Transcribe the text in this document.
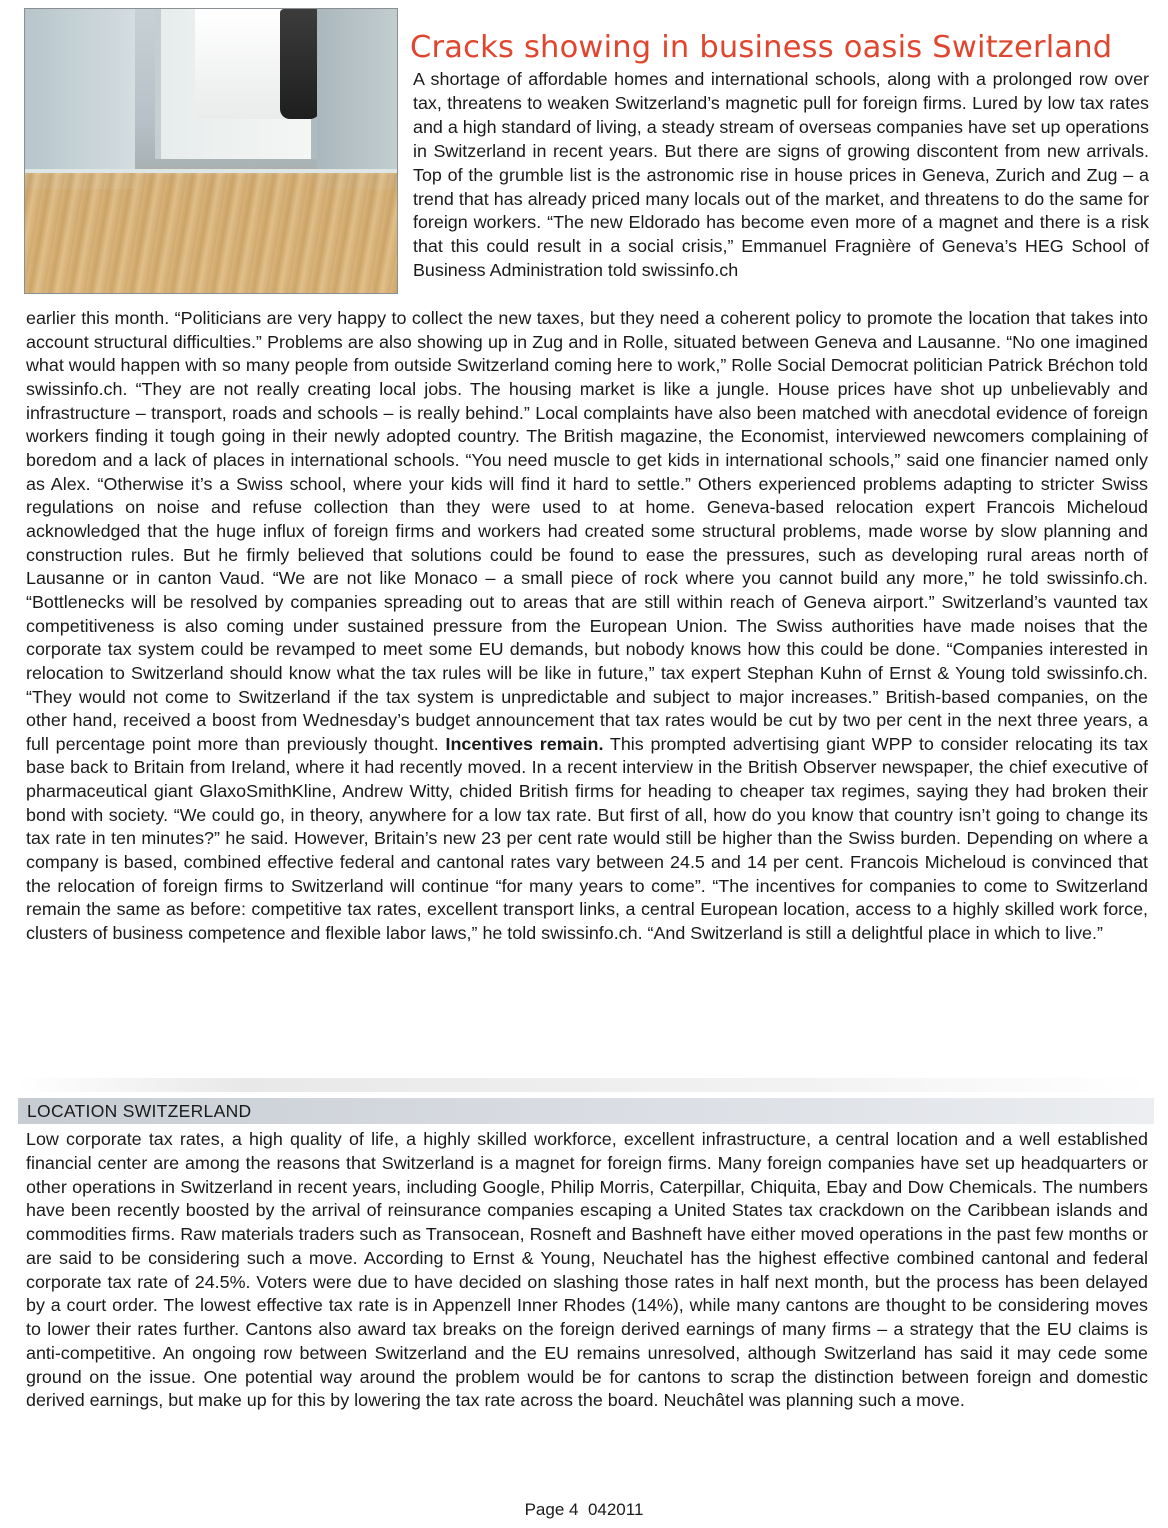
Cracks showing in business oasis Switzerland

A shortage of affordable homes and international schools, along with a prolonged row over tax, threatens to weaken Switzerland’s magnetic pull for foreign firms. Lured by low tax rates and a high standard of living, a steady stream of overseas companies have set up operations in Switzerland in recent years. But there are signs of growing discontent from new arrivals. Top of the grumble list is the astronomic rise in house prices in Geneva, Zurich and Zug – a trend that has already priced many locals out of the market, and threatens to do the same for foreign workers. “The new Eldorado has become even more of a magnet and there is a risk that this could result in a social crisis,” Emmanuel Fragnière of Geneva’s HEG School of Business Administration told swissinfo.ch

earlier this month. “Politicians are very happy to collect the new taxes, but they need a coherent policy to promote the location that takes into account structural difficulties.” Problems are also showing up in Zug and in Rolle, situated between Geneva and Lausanne. “No one imagined what would happen with so many people from outside Switzerland coming here to work,” Rolle Social Democrat politician Patrick Bréchon told swissinfo.ch. “They are not really creating local jobs. The housing market is like a jungle. House prices have shot up unbelievably and infrastructure – transport, roads and schools – is really behind.” Local complaints have also been matched with anecdotal evidence of foreign workers finding it tough going in their newly adopted country. The British magazine, the Economist, interviewed newcomers complaining of boredom and a lack of places in international schools. “You need muscle to get kids in international schools,” said one financier named only as Alex. “Otherwise it’s a Swiss school, where your kids will find it hard to settle.” Others experienced problems adapting to stricter Swiss regulations on noise and refuse collection than they were used to at home. Geneva-based relocation expert Francois Micheloud acknowledged that the huge influx of foreign firms and workers had created some structural problems, made worse by slow planning and construction rules. But he firmly believed that solutions could be found to ease the pressures, such as developing rural areas north of Lausanne or in canton Vaud. “We are not like Monaco – a small piece of rock where you cannot build any more,” he told swissinfo.ch. “Bottlenecks will be resolved by companies spreading out to areas that are still within reach of Geneva airport.” Switzerland’s vaunted tax competitiveness is also coming under sustained pressure from the European Union. The Swiss authorities have made noises that the corporate tax system could be revamped to meet some EU demands, but nobody knows how this could be done. “Companies interested in relocation to Switzerland should know what the tax rules will be like in future,” tax expert Stephan Kuhn of Ernst & Young told swissinfo.ch. “They would not come to Switzerland if the tax system is unpredictable and subject to major increases.” British-based companies, on the other hand, received a boost from Wednesday’s budget announcement that tax rates would be cut by two per cent in the next three years, a full percentage point more than previously thought. Incentives remain. This prompted advertising giant WPP to consider relocating its tax base back to Britain from Ireland, where it had recently moved. In a recent interview in the British Observer newspaper, the chief executive of pharmaceutical giant GlaxoSmithKline, Andrew Witty, chided British firms for heading to cheaper tax regimes, saying they had broken their bond with society. “We could go, in theory, anywhere for a low tax rate. But first of all, how do you know that country isn’t going to change its tax rate in ten minutes?” he said. However, Britain’s new 23 per cent rate would still be higher than the Swiss burden. Depending on where a company is based, combined effective federal and cantonal rates vary between 24.5 and 14 per cent. Francois Micheloud is convinced that the relocation of foreign firms to Switzerland will continue “for many years to come”. “The incentives for companies to come to Switzerland remain the same as before: competitive tax rates, excellent transport links, a central European location, access to a highly skilled work force, clusters of business competence and flexible labor laws,” he told swissinfo.ch. “And Switzerland is still a delightful place in which to live.”

LOCATION SWITZERLAND

Low corporate tax rates, a high quality of life, a highly skilled workforce, excellent infrastructure, a central location and a well established financial center are among the reasons that Switzerland is a magnet for foreign firms. Many foreign companies have set up headquarters or other operations in Switzerland in recent years, including Google, Philip Morris, Caterpillar, Chiquita, Ebay and Dow Chemicals. The numbers have been recently boosted by the arrival of reinsurance companies escaping a United States tax crackdown on the Caribbean islands and commodities firms. Raw materials traders such as Transocean, Rosneft and Bashneft have either moved operations in the past few months or are said to be considering such a move. According to Ernst & Young, Neuchatel has the highest effective combined cantonal and federal corporate tax rate of 24.5%. Voters were due to have decided on slashing those rates in half next month, but the process has been delayed by a court order. The lowest effective tax rate is in Appenzell Inner Rhodes (14%), while many cantons are thought to be considering moves to lower their rates further. Cantons also award tax breaks on the foreign derived earnings of many firms – a strategy that the EU claims is anti-competitive. An ongoing row between Switzerland and the EU remains unresolved, although Switzerland has said it may cede some ground on the issue. One potential way around the problem would be for cantons to scrap the distinction between foreign and domestic derived earnings, but make up for this by lowering the tax rate across the board. Neuchâtel was planning such a move.

Page 4 042011
